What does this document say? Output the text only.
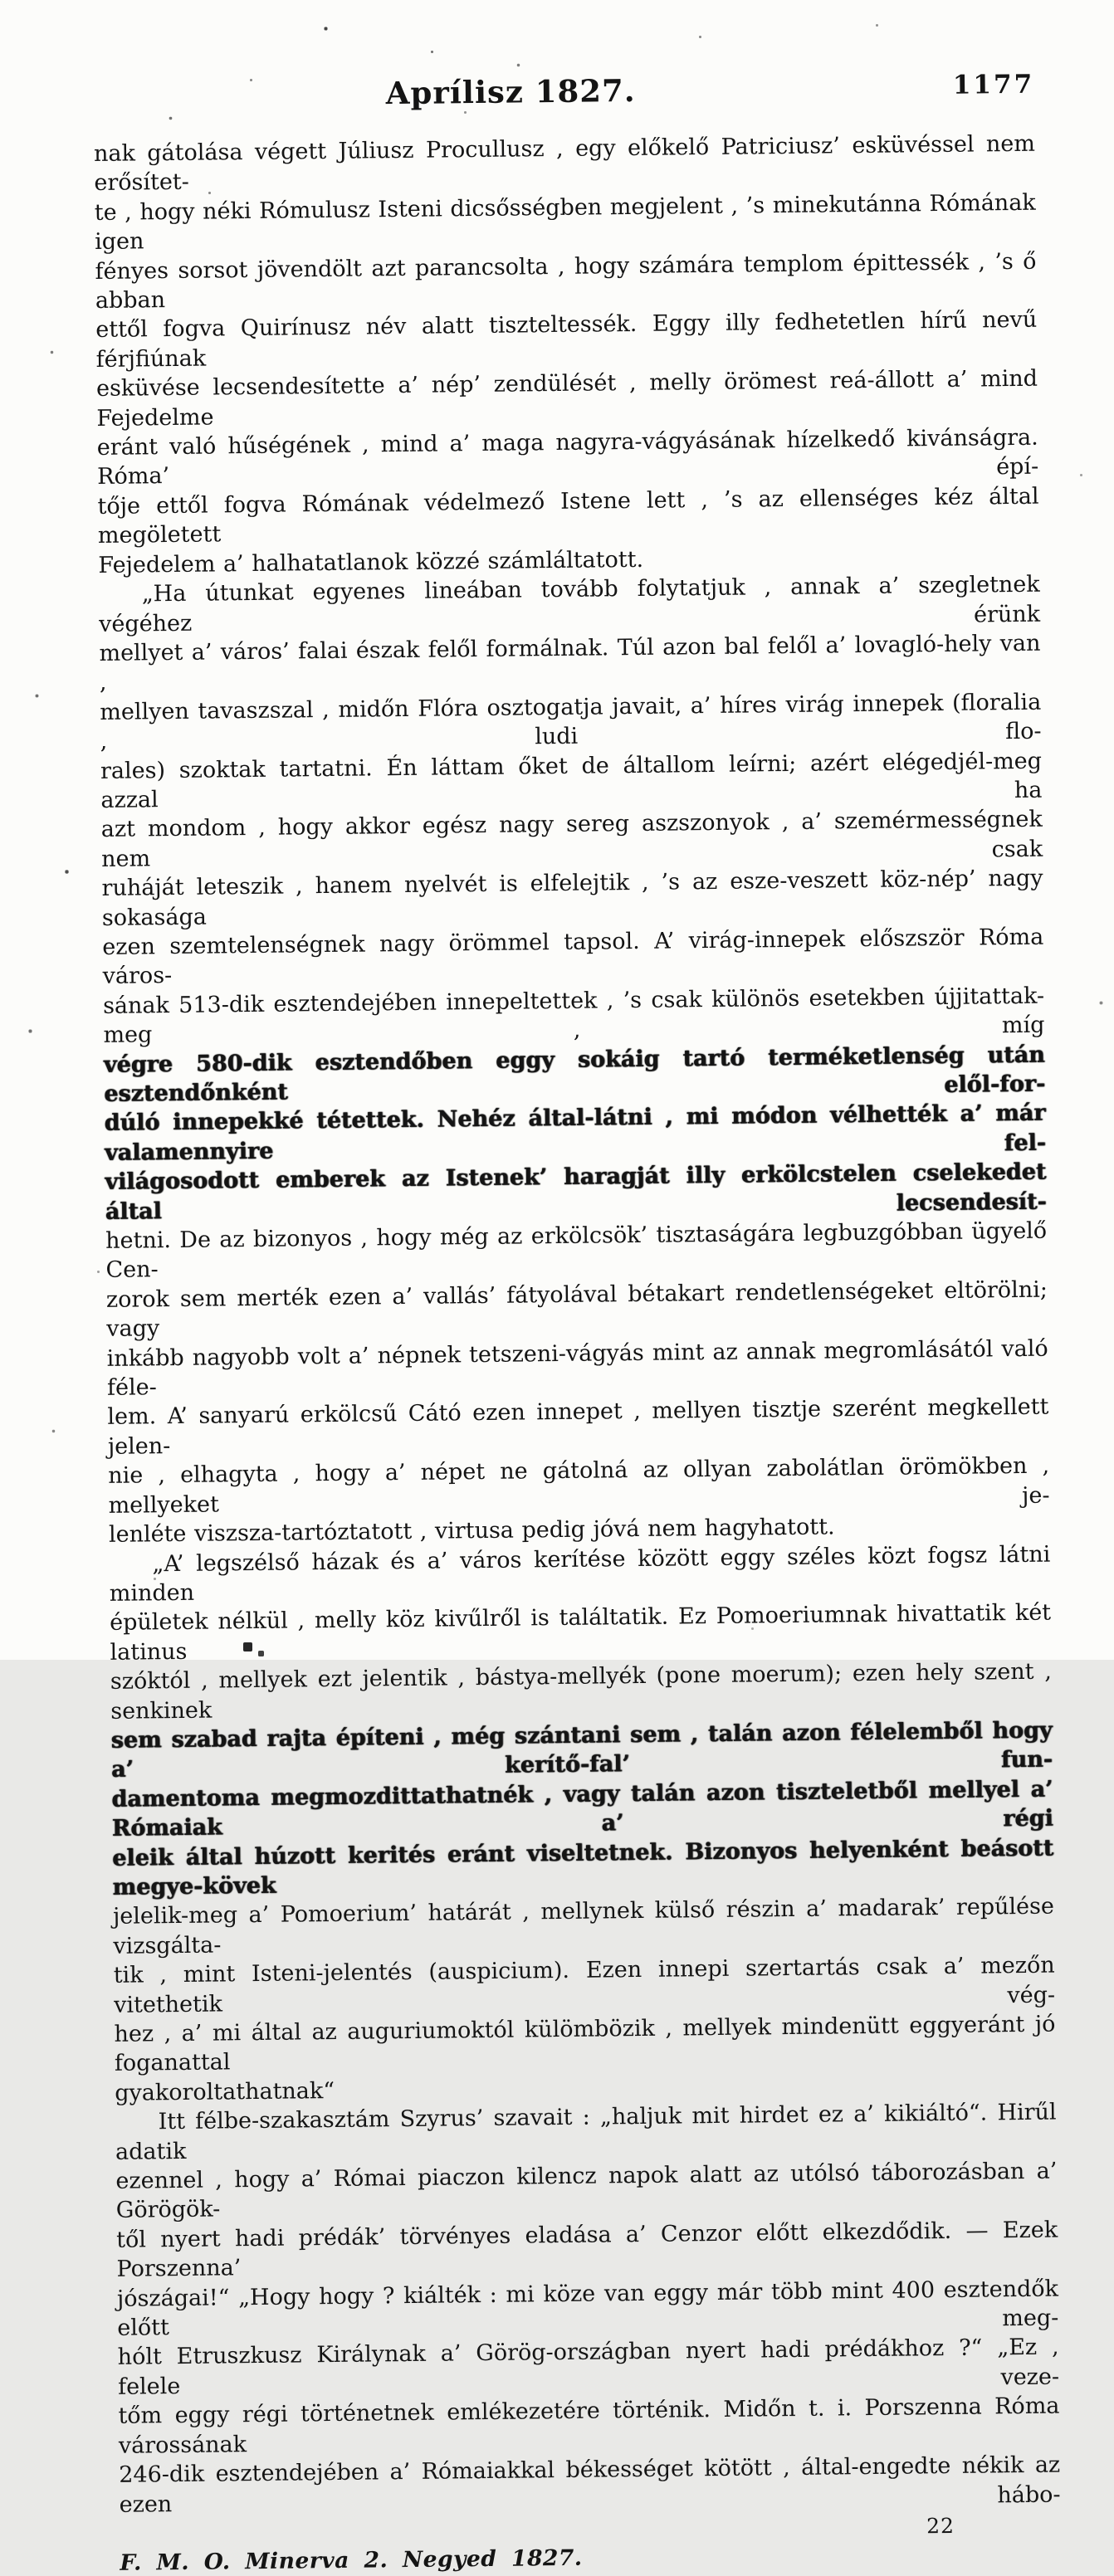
Aprílisz 1827.	1177
nak gátolása végett Júliusz Procullusz , egy előkelő Patriciusz’ esküvéssel nem erősítet-
te , hogy néki Rómulusz Isteni dicsősségben megjelent , ’s minekutánna Rómának igen
fényes sorsot jövendölt azt parancsolta , hogy számára templom épittessék , ’s ő abban
ettől fogva Quirínusz név alatt tiszteltessék. Eggy illy fedhetetlen hírű nevű férjfiúnak
esküvése lecsendesítette a’ nép’ zendülését , melly örömest reá-állott a’ mind Fejedelme
eránt való hűségének , mind a’ maga nagyra-vágyásának hízelkedő kivánságra. Róma’ épí-
tője ettől fogva Rómának védelmező Istene lett , ’s az ellenséges kéz által megöletett
Fejedelem a’ halhatatlanok közzé számláltatott.
„Ha útunkat egyenes lineában tovább folytatjuk , annak a’ szegletnek végéhez érünk
mellyet a’ város’ falai észak felől formálnak. Túl azon bal felől a’ lovagló-hely van ,
mellyen tavaszszal , midőn Flóra osztogatja javait, a’ híres virág innepek (floralia , ludi flo-
rales) szoktak tartatni. Én láttam őket de általlom leírni; azért elégedjél-meg azzal ha
azt mondom , hogy akkor egész nagy sereg aszszonyok , a’ szemérmességnek nem csak
ruháját leteszik , hanem nyelvét is elfelejtik , ’s az esze-veszett köz-nép’ nagy sokasága
ezen szemtelenségnek nagy örömmel tapsol. A’ virág-innepek előszször Róma város-
sának 513-dik esztendejében innepeltettek , ’s csak különös esetekben újjitattak-meg , míg
végre 580-dik esztendőben eggy sokáig tartó terméketlenség után esztendőnként elől-for-
dúló innepekké tétettek. Nehéz által-látni , mi módon vélhették a’ már valamennyire fel-
világosodott emberek az Istenek’ haragját illy erkölcstelen cselekedet által lecsendesít-
hetni. De az bizonyos , hogy még az erkölcsök’ tisztaságára legbuzgóbban ügyelő Cen-
zorok sem merték ezen a’ vallás’ fátyolával bétakart rendetlenségeket eltörölni; vagy
inkább nagyobb volt a’ népnek tetszeni-vágyás mint az annak megromlásától való féle-
lem. A’ sanyarú erkölcsű Cátó ezen innepet , mellyen tisztje szerént megkellett jelen-
nie , elhagyta , hogy a’ népet ne gátolná az ollyan zabolátlan örömökben , mellyeket je-
lenléte viszsza-tartóztatott , virtusa pedig jóvá nem hagyhatott.
„A’ legszélső házak és a’ város kerítése között eggy széles közt fogsz látni minden
épületek nélkül , melly köz kivűlről is találtatik. Ez Pomoeriumnak hivattatik két latinus
szóktól , mellyek ezt jelentik , bástya-mellyék (pone moerum); ezen hely szent , senkinek
sem szabad rajta építeni , még szántani sem , talán azon félelemből hogy a’ kerítő-fal’ fun-
damentoma megmozdittathatnék , vagy talán azon tiszteletből mellyel a’ Rómaiak a’ régi
eleik által húzott kerités eránt viseltetnek. Bizonyos helyenként beásott megye-kövek
jelelik-meg a’ Pomoerium’ határát , mellynek külső részin a’ madarak’ repűlése vizsgálta-
tik , mint Isteni-jelentés (auspicium). Ezen innepi szertartás csak a’ mezőn vitethetik vég-
hez , a’ mi által az auguriumoktól külömbözik , mellyek mindenütt eggyeránt jó foganattal
gyakoroltathatnak“
Itt félbe-szakasztám Szyrus’ szavait : „haljuk mit hirdet ez a’ kikiáltó“. Hirűl adatik
ezennel , hogy a’ Római piaczon kilencz napok alatt az utólsó táborozásban a’ Görögök-
től nyert hadi prédák’ törvényes eladása a’ Cenzor előtt elkezdődik. — Ezek Porszenna’
jószágai!“ „Hogy hogy ? kiálték : mi köze van eggy már több mint 400 esztendők előtt meg-
hólt Etruszkusz Királynak a’ Görög-országban nyert hadi prédákhoz ?“ „Ez , felele veze-
tőm eggy régi történetnek emlékezetére történik. Midőn t. i. Porszenna Róma várossának
246-dik esztendejében a’ Rómaiakkal békességet kötött , által-engedte nékik az ezen hábo-
22
F. M. O. Minerva 2. Negyed 1827.
